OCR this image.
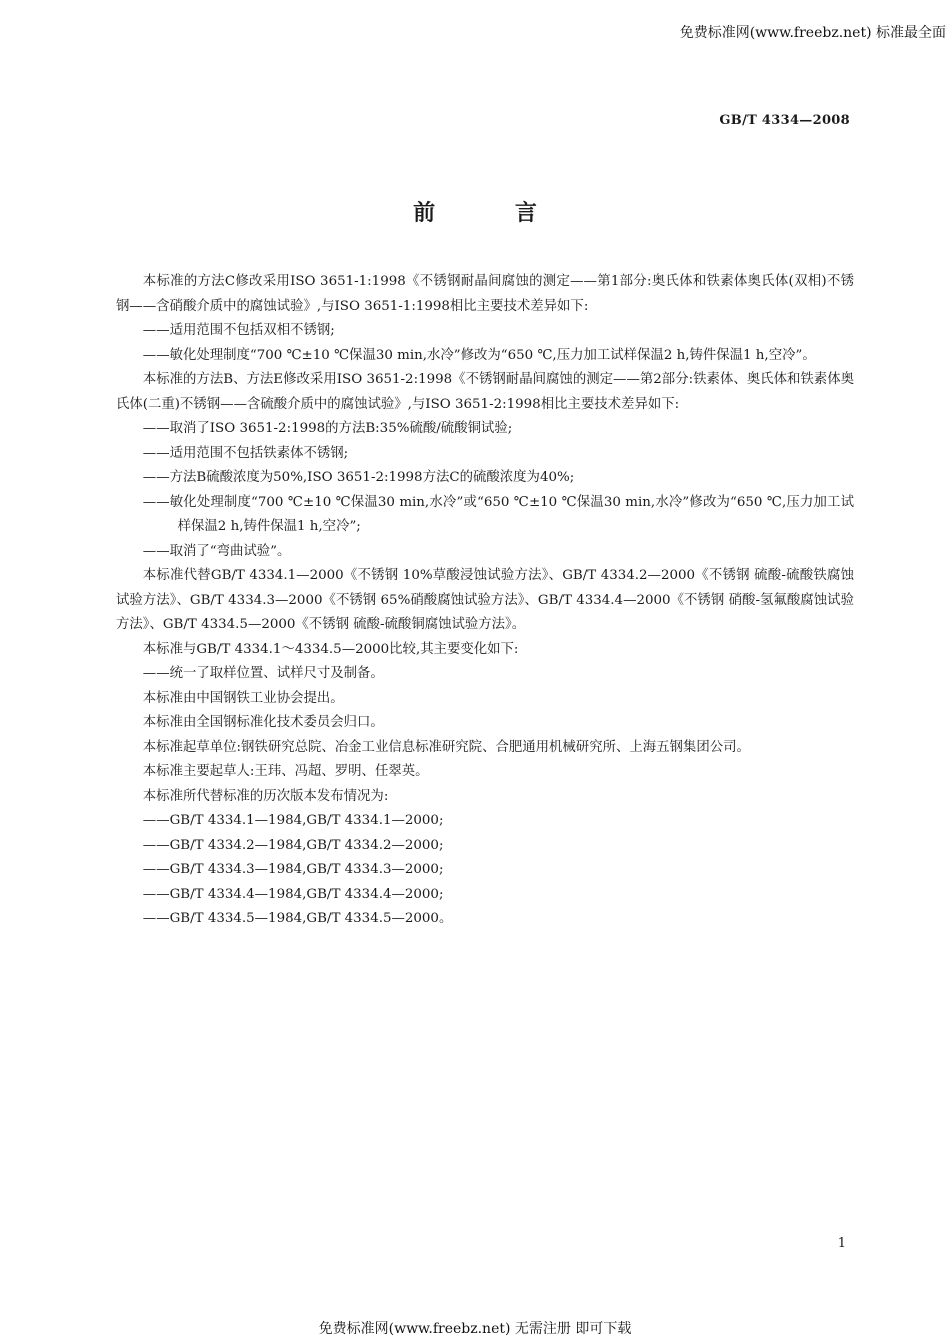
免费标准网(www.freebz.net) 标准最全面
GB/T 4334—2008
前 言

本标准的方法C修改采用ISO 3651-1:1998《不锈钢耐晶间腐蚀的测定——第1部分:奥氏体和铁素体奥氏体(双相)不锈钢——含硝酸介质中的腐蚀试验》,与ISO 3651-1:1998相比主要技术差异如下:

——适用范围不包括双相不锈钢;
——敏化处理制度“700 ℃±10 ℃保温30 min,水冷”修改为“650 ℃,压力加工试样保温2 h,铸件保温1 h,空冷”。

本标准的方法B、方法E修改采用ISO 3651-2:1998《不锈钢耐晶间腐蚀的测定——第2部分:铁素体、奥氏体和铁素体奥氏体(二重)不锈钢——含硫酸介质中的腐蚀试验》,与ISO 3651-2:1998相比主要技术差异如下:

——取消了ISO 3651-2:1998的方法B:35%硫酸/硫酸铜试验;
——适用范围不包括铁素体不锈钢;
——方法B硫酸浓度为50%,ISO 3651-2:1998方法C的硫酸浓度为40%;
——敏化处理制度“700 ℃±10 ℃保温30 min,水冷”或“650 ℃±10 ℃保温30 min,水冷”修改为“650 ℃,压力加工试样保温2 h,铸件保温1 h,空冷”;
——取消了“弯曲试验”。

本标准代替GB/T 4334.1—2000《不锈钢 10%草酸浸蚀试验方法》、GB/T 4334.2—2000《不锈钢 硫酸-硫酸铁腐蚀试验方法》、GB/T 4334.3—2000《不锈钢 65%硝酸腐蚀试验方法》、GB/T 4334.4—2000《不锈钢 硝酸-氢氟酸腐蚀试验方法》、GB/T 4334.5—2000《不锈钢 硫酸-硫酸铜腐蚀试验方法》。

本标准与GB/T 4334.1～4334.5—2000比较,其主要变化如下:

——统一了取样位置、试样尺寸及制备。

本标准由中国钢铁工业协会提出。

本标准由全国钢标准化技术委员会归口。

本标准起草单位:钢铁研究总院、冶金工业信息标准研究院、合肥通用机械研究所、上海五钢集团公司。

本标准主要起草人:王玮、冯超、罗明、任翠英。

本标准所代替标准的历次版本发布情况为:

——GB/T 4334.1—1984,GB/T 4334.1—2000;
——GB/T 4334.2—1984,GB/T 4334.2—2000;
——GB/T 4334.3—1984,GB/T 4334.3—2000;
——GB/T 4334.4—1984,GB/T 4334.4—2000;
——GB/T 4334.5—1984,GB/T 4334.5—2000。
1
免费标准网(www.freebz.net) 无需注册 即可下载
